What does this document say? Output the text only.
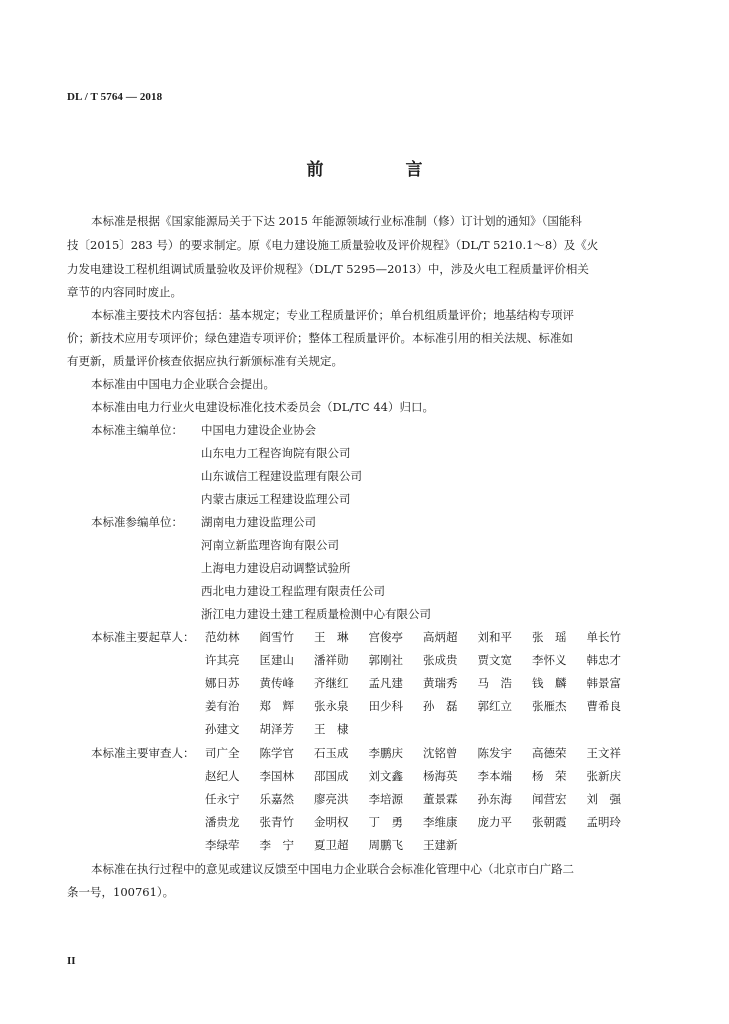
DL / T 5764 — 2018
前 言
本标准是根据《国家能源局关于下达 2015 年能源领域行业标准制（修）订计划的通知》（国能科
技〔2015〕283 号）的要求制定。原《电力建设施工质量验收及评价规程》（DL/T 5210.1～8）及《火
力发电建设工程机组调试质量验收及评价规程》（DL/T 5295—2013）中，涉及火电工程质量评价相关
章节的内容同时废止。
本标准主要技术内容包括：基本规定；专业工程质量评价；单台机组质量评价；地基结构专项评
价；新技术应用专项评价；绿色建造专项评价；整体工程质量评价。本标准引用的相关法规、标准如
有更新，质量评价核查依据应执行新颁标准有关规定。
本标准由中国电力企业联合会提出。
本标准由电力行业火电建设标准化技术委员会（DL/TC 44）归口。
本标准主编单位： 中国电力建设企业协会
山东电力工程咨询院有限公司
山东诚信工程建设监理有限公司
内蒙古康远工程建设监理公司
本标准参编单位： 湖南电力建设监理公司
河南立新监理咨询有限公司
上海电力建设启动调整试验所
西北电力建设工程监理有限责任公司
浙江电力建设土建工程质量检测中心有限公司
本标准主要起草人： 范幼林 阎雪竹 王　琳 宫俊亭 高炳超 刘和平 张　瑶 单长竹
许其亮 匡建山 潘祥勋 郭刚社 张成贵 贾文宽 李怀义 韩忠才
娜日苏 黄传峰 齐继红 孟凡建 黄瑞秀 马　浩 钱　麟 韩景富
姜有治 郑　辉 张永泉 田少科 孙　磊 郭红立 张雁杰 曹希良
孙建文 胡泽芳 王　棣
本标准主要审查人： 司广全 陈学官 石玉成 李鹏庆 沈铭曾 陈发宇 高德荣 王文祥
赵纪人 李国林 邵国成 刘文鑫 杨海英 李本端 杨　荣 张新庆
任永宁 乐嘉然 廖亮洪 李培源 董景霖 孙东海 闻营宏 刘　强
潘贵龙 张青竹 金明权 丁　勇 李维康 庞力平 张朝霞 孟明玲
李绿荦 李　宁 夏卫超 周鹏飞 王建新
本标准在执行过程中的意见或建议反馈至中国电力企业联合会标准化管理中心（北京市白广路二
条一号，100761）。
II
